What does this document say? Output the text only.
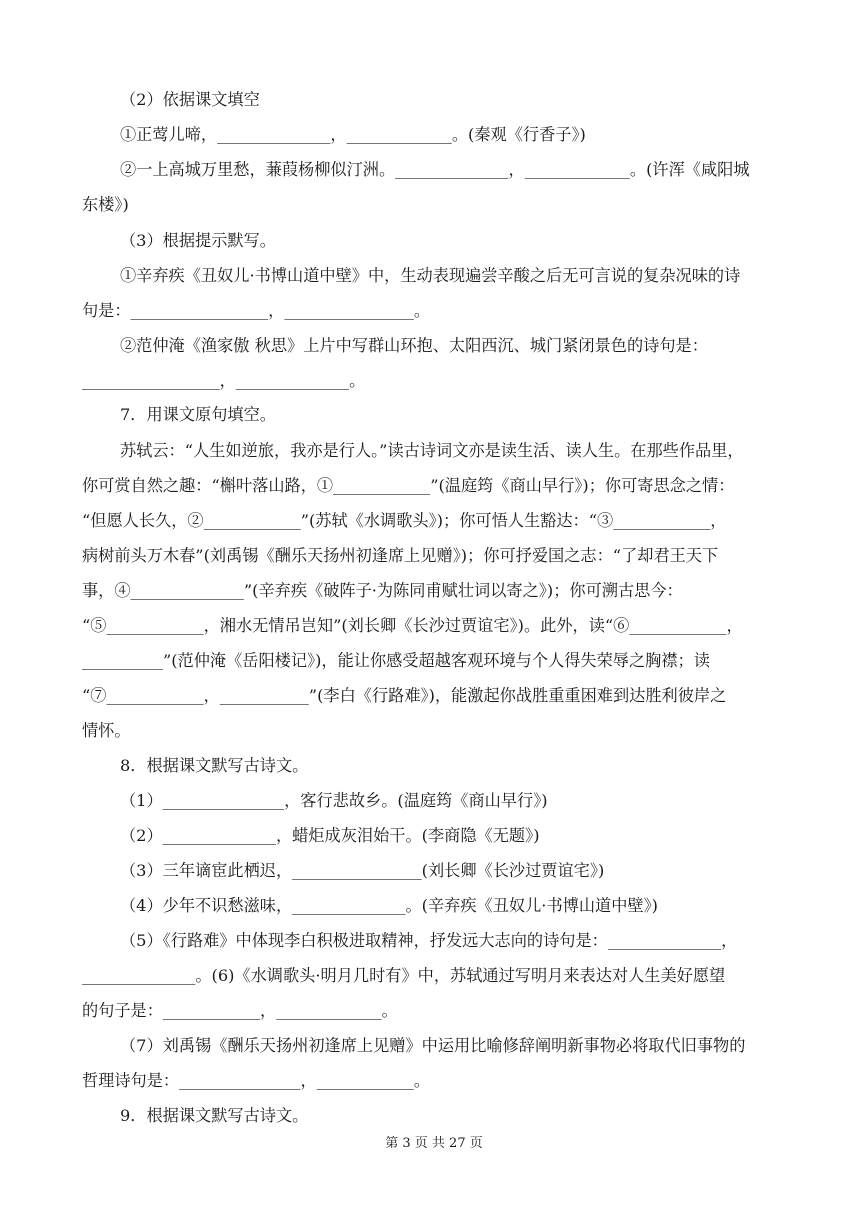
（2）依据课文填空
①正莺儿啼，______________，_____________。(秦观《行香子》)
②一上高城万里愁，蒹葭杨柳似汀洲。______________，_____________。(许浑《咸阳城
东楼》)
（3）根据提示默写。
①辛弃疾《丑奴儿·书博山道中壁》中，生动表现遍尝辛酸之后无可言说的复杂况味的诗
句是：_________________，________________。
②范仲淹《渔家傲 秋思》上片中写群山环抱、太阳西沉、城门紧闭景色的诗句是：
_________________，______________。
7．用课文原句填空。
苏轼云：“人生如逆旅，我亦是行人。”读古诗词文亦是读生活、读人生。在那些作品里，
你可赏自然之趣：“槲叶落山路，①____________”(温庭筠《商山早行》)；你可寄思念之情：
“但愿人长久，②____________”(苏轼《水调歌头》)；你可悟人生豁达：“③____________，
病树前头万木春”(刘禹锡《酬乐天扬州初逢席上见赠》)；你可抒爱国之志：“了却君王天下
事，④______________”(辛弃疾《破阵子·为陈同甫赋壮词以寄之》)；你可溯古思今：
“⑤____________，湘水无情吊岂知”(刘长卿《长沙过贾谊宅》)。此外，读“⑥____________，
__________”(范仲淹《岳阳楼记》)，能让你感受超越客观环境与个人得失荣辱之胸襟；读
“⑦____________，___________”(李白《行路难》)，能激起你战胜重重困难到达胜利彼岸之
情怀。
8．根据课文默写古诗文。
（1）_______________，客行悲故乡。(温庭筠《商山早行》)
（2）______________，蜡炬成灰泪始干。(李商隐《无题》)
（3）三年谪宦此栖迟，________________(刘长卿《长沙过贾谊宅》)
（4）少年不识愁滋味，______________。(辛弃疾《丑奴儿·书博山道中壁》)
（5）《行路难》中体现李白积极进取精神，抒发远大志向的诗句是：______________，
______________。(6)《水调歌头·明月几时有》中，苏轼通过写明月来表达对人生美好愿望
的句子是：____________，_____________。
（7）刘禹锡《酬乐天扬州初逢席上见赠》中运用比喻修辞阐明新事物必将取代旧事物的
哲理诗句是：_______________，____________。
9．根据课文默写古诗文。
第 3 页 共 27 页
